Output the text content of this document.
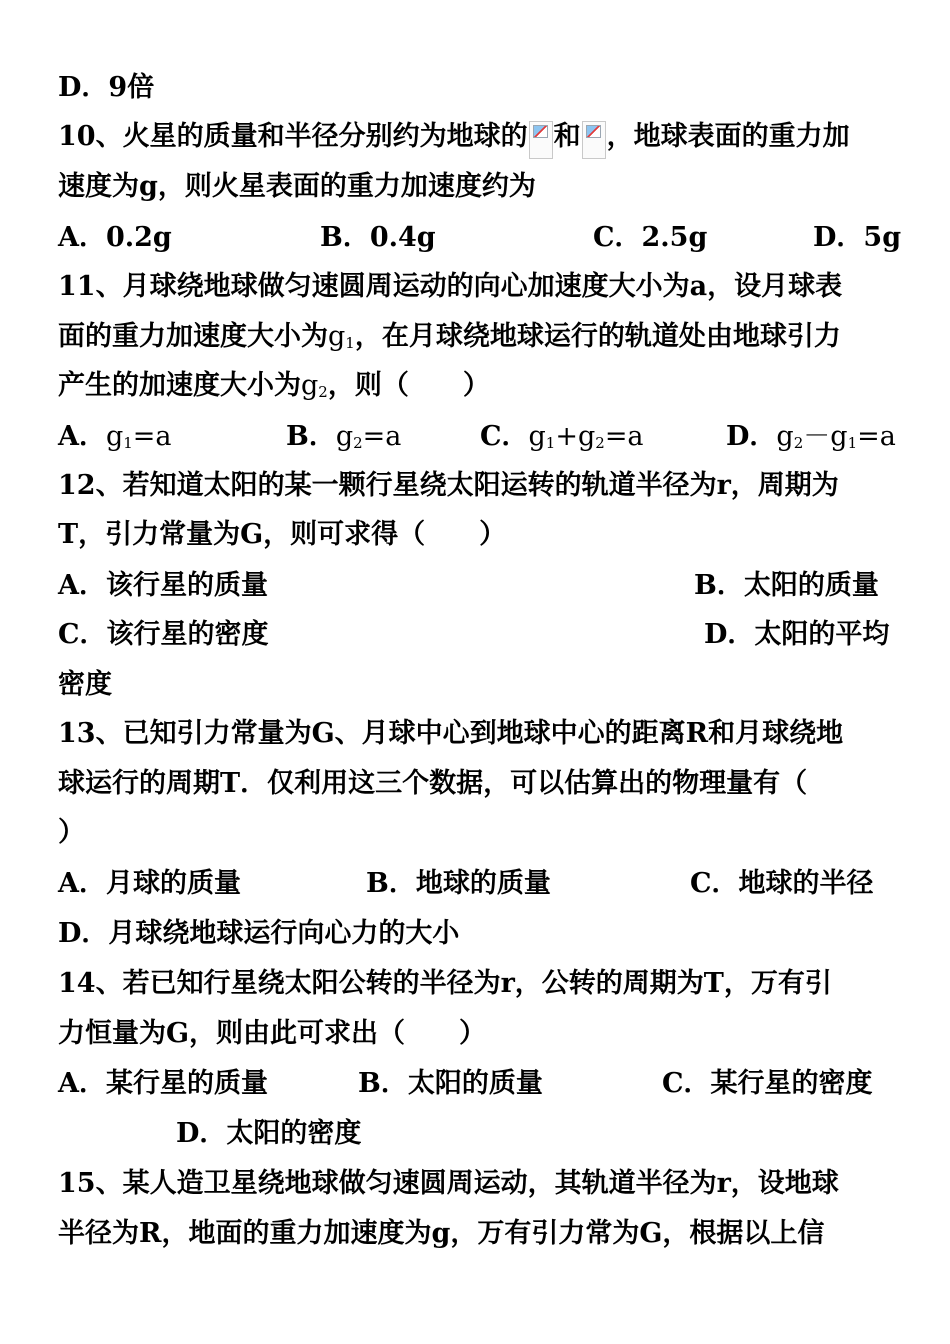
D．9倍
10、火星的质量和半径分别约为地球的 和 ，地球表面的重力加
速度为g，则火星表面的重力加速度约为
A．0.2g	B．0.4g	C．2.5g	D．5g
11、月球绕地球做匀速圆周运动的向心加速度大小为a，设月球表
面的重力加速度大小为$g_1$，在月球绕地球运行的轨道处由地球引力
产生的加速度大小为$g_2$，则（　　）
A．$g_1=a$	B．$g_2=a$	C．$g_1+g_2=a$	D．$g_2-g_1=a$
12、若知道太阳的某一颗行星绕太阳运转的轨道半径为r，周期为
T，引力常量为G，则可求得（　　）
A．该行星的质量	B．太阳的质量
C．该行星的密度	D．太阳的平均
密度
13、已知引力常量为G、月球中心到地球中心的距离R和月球绕地
球运行的周期T．仅利用这三个数据，可以估算出的物理量有（
）
A．月球的质量	B．地球的质量	C．地球的半径
D．月球绕地球运行向心力的大小
14、若已知行星绕太阳公转的半径为r，公转的周期为T，万有引
力恒量为G，则由此可求出（　　）
A．某行星的质量	B．太阳的质量	C．某行星的密度
D．太阳的密度
15、某人造卫星绕地球做匀速圆周运动，其轨道半径为r，设地球
半径为R，地面的重力加速度为g，万有引力常为G，根据以上信
